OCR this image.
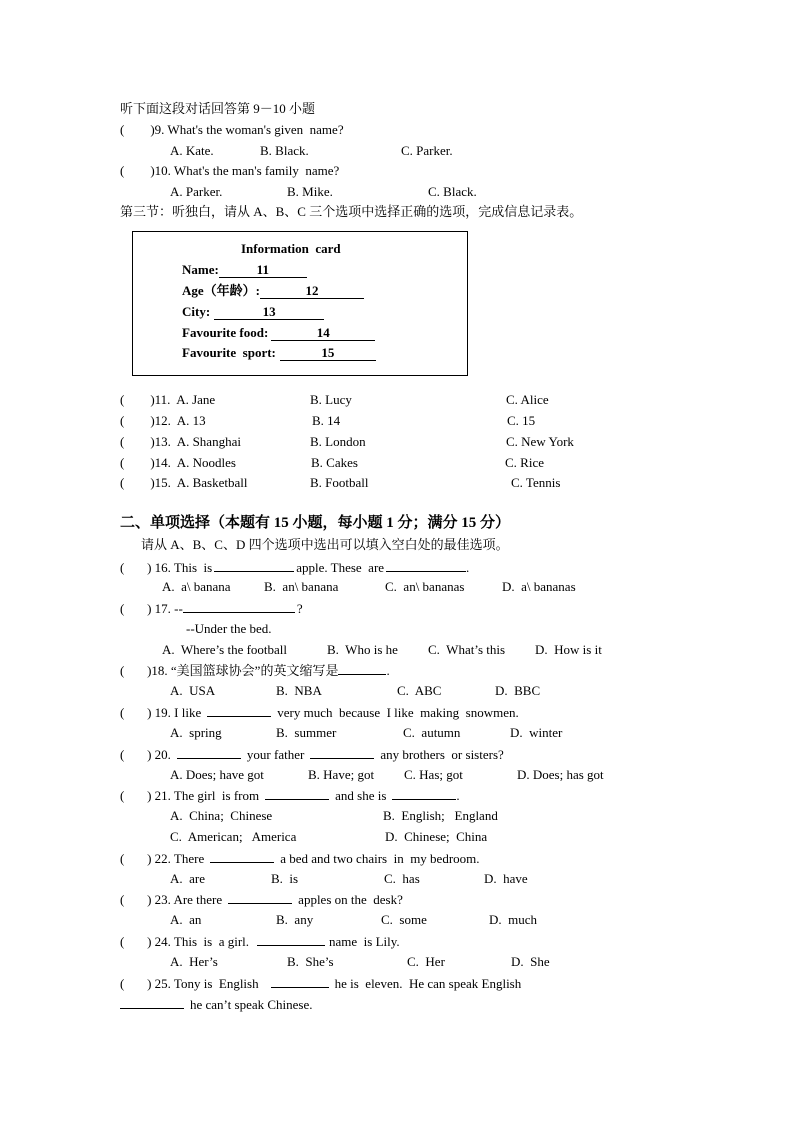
听下面这段对话回答第 9－10 小题
(        )9. What's the woman's given  name?
A. Kate.	B. Black.	C. Parker.
(        )10. What's the man's family  name?
A. Parker.	B. Mike.	C. Black.
第三节：听独白，请从 A、B、C 三个选项中选择正确的选项，完成信息记录表。
Information  card
Name:	11
Age（年龄）:	12
City:	13
Favourite food:	14
Favourite  sport:	15
(        )11.  A. Jane	B. Lucy	C. Alice
(        )12.  A. 13	B. 14	C. 15
(        )13.  A. Shanghai	B. London	C. New York
(        )14.  A. Noodles	B. Cakes	C. Rice
(        )15.  A. Basketball	B. Football	C. Tennis
二、单项选择（本题有 15 小题，每小题 1 分；满分 15 分）
请从 A、B、C、D 四个选项中选出可以填入空白处的最佳选项。
(       ) 16. This  is	apple. These  are	.
A.  a\ banana	B.  an\ banana	C.  an\ bananas	D.  a\ bananas
(       ) 17. --	?
--Under the bed.
A.  Where’s the football	B.  Who is he C.  What’s this D.  How is it
(       )18. “美国篮球协会”的英文缩写是	.
A.  USA	B.  NBA	C.  ABC	D.  BBC
(       ) 19. I like	very much  because  I like  making  snowmen.
A.  spring	B.  summer	C.  autumn	D.  winter
(       ) 20.	your father	any brothers  or sisters?
A. Does; have got	B. Have; got C. Has; got	D. Does; has got
(       ) 21. The girl  is from	and she is	.
A.  China;  Chinese	B.  English;   England
C.  American;   America	D.  Chinese;  China
(       ) 22. There	a bed and two chairs  in  my bedroom.
A.  are	B.  is	C.  has	D.  have
(       ) 23. Are there	apples on the  desk?
A.  an	B.  any	C.  some	D.  much
(       ) 24. This  is  a girl.	name  is Lily.
A.  Her’s	B.  She’s	C.  Her	D.  She
(       ) 25. Tony is  English	he is  eleven.  He can speak English
he can’t speak Chinese.
